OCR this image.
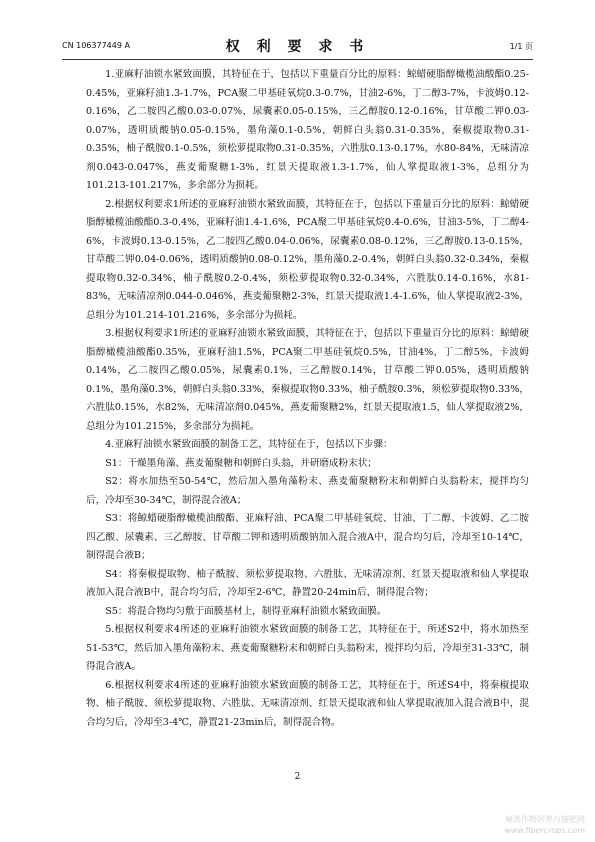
CN 106377449 A	权 利 要 求 书	1/1 页

1.亚麻籽油锁水紧致面膜，其特征在于，包括以下重量百分比的原料：鲸蜡硬脂醇橄榄油酸酯0.25-0.45%，亚麻籽油1.3-1.7%，PCA聚二甲基硅氧烷0.3-0.7%，甘油2-6%，丁二醇3-7%，卡波姆0.12-0.16%，乙二胺四乙酸0.03-0.07%，尿囊素0.05-0.15%，三乙醇胺0.12-0.16%，甘草酸二钾0.03-0.07%，透明质酸钠0.05-0.15%，墨角藻0.1-0.5%，朝鲜白头翁0.31-0.35%，秦椒提取物0.31-0.35%，柚子酰胺0.1-0.5%，须松萝提取物0.31-0.35%，六胜肽0.13-0.17%，水80-84%，无味清凉剂0.043-0.047%，燕麦葡聚糖1-3%，红景天提取液1.3-1.7%，仙人掌提取液1-3%，总组分为101.213-101.217%，多余部分为损耗。

2.根据权利要求1所述的亚麻籽油锁水紧致面膜，其特征在于，包括以下重量百分比的原料：鲸蜡硬脂醇橄榄油酸酯0.3-0.4%，亚麻籽油1.4-1.6%，PCA聚二甲基硅氧烷0.4-0.6%，甘油3-5%，丁二醇4-6%，卡波姆0.13-0.15%，乙二胺四乙酸0.04-0.06%，尿囊素0.08-0.12%，三乙醇胺0.13-0.15%，甘草酸二钾0.04-0.06%，透明质酸钠0.08-0.12%，墨角藻0.2-0.4%，朝鲜白头翁0.32-0.34%，秦椒提取物0.32-0.34%，柚子酰胺0.2-0.4%，须松萝提取物0.32-0.34%，六胜肽0.14-0.16%，水81-83%，无味清凉剂0.044-0.046%，燕麦葡聚糖2-3%，红景天提取液1.4-1.6%，仙人掌提取液2-3%，总组分为101.214-101.216%，多余部分为损耗。

3.根据权利要求1所述的亚麻籽油锁水紧致面膜，其特征在于，包括以下重量百分比的原料：鲸蜡硬脂醇橄榄油酸酯0.35%，亚麻籽油1.5%，PCA聚二甲基硅氧烷0.5%，甘油4%，丁二醇5%，卡波姆0.14%，乙二胺四乙酸0.05%，尿囊素0.1%，三乙醇胺0.14%，甘草酸二钾0.05%，透明质酸钠0.1%，墨角藻0.3%，朝鲜白头翁0.33%，秦椒提取物0.33%，柚子酰胺0.3%，须松萝提取物0.33%，六胜肽0.15%，水82%，无味清凉剂0.045%，燕麦葡聚糖2%，红景天提取液1.5，仙人掌提取液2%，总组分为101.215%，多余部分为损耗。

4.亚麻籽油锁水紧致面膜的制备工艺，其特征在于，包括以下步骤：

S1：干燥墨角藻、燕麦葡聚糖和朝鲜白头翁，并研磨成粉末状；

S2：将水加热至50-54℃，然后加入墨角藻粉末、燕麦葡聚糖粉末和朝鲜白头翁粉末，搅拌均匀后，冷却至30-34℃，制得混合液A；

S3：将鲸蜡硬脂醇橄榄油酸酯、亚麻籽油、PCA聚二甲基硅氧烷、甘油、丁二醇、卡波姆、乙二胺四乙酸、尿囊素、三乙醇胺、甘草酸二钾和透明质酸钠加入混合液A中，混合均匀后，冷却至10-14℃，制得混合液B；

S4：将秦椒提取物、柚子酰胺、须松萝提取物、六胜肽、无味清凉剂、红景天提取液和仙人掌提取液加入混合液B中，混合均匀后，冷却至2-6℃，静置20-24min后，制得混合物；

S5：将混合物均匀敷于面膜基材上，制得亚麻籽油锁水紧致面膜。

5.根据权利要求4所述的亚麻籽油锁水紧致面膜的制备工艺，其特征在于，所述S2中，将水加热至51-53℃，然后加入墨角藻粉末、燕麦葡聚糖粉末和朝鲜白头翁粉末，搅拌均匀后，冷却至31-33℃，制得混合液A。

6.根据权利要求4所述的亚麻籽油锁水紧致面膜的制备工艺，其特征在于，所述S4中，将秦椒提取物、柚子酰胺、须松萝提取物、六胜肽、无味清凉剂、红景天提取液和仙人掌提取液加入混合液B中，混合均匀后，冷却至3-4℃，静置21-23min后，制得混合物。

2
麻类作物营养与施肥网
www.fibercrops.com
